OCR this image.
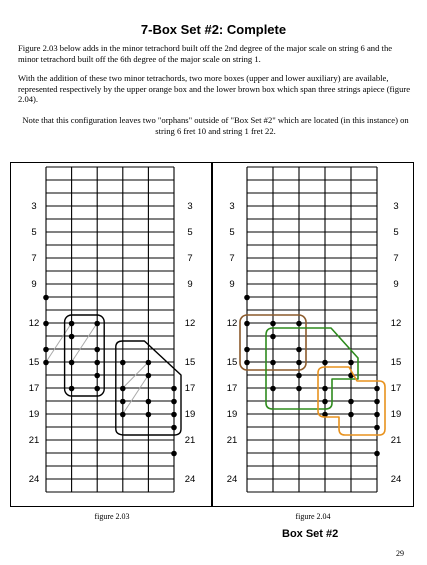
7-Box Set #2: Complete

Figure 2.03 below adds in the minor tetrachord built off the 2nd degree of the major scale on string 6 and the minor tetrachord built off the 6th degree of the major scale on string 1.

With the addition of these two minor tetrachords, two more boxes (upper and lower auxiliary) are available, represented respectively by the upper orange box and the lower brown box which span three strings apiece (figure 2.04).

Note that this configuration leaves two "orphans" outside of "Box Set #2" which are located (in this instance) on string 6 fret 10 and string 1 fret 22.

3	3
5	5
7	7
9	9
12	12
15	15
17	17
19	19
21	21
24	24
3	3
5	5
7	7
9	9
12	12
15	15
17	17
19	19
21	21
24	24
figure 2.03	figure 2.04
Box Set #2
29
